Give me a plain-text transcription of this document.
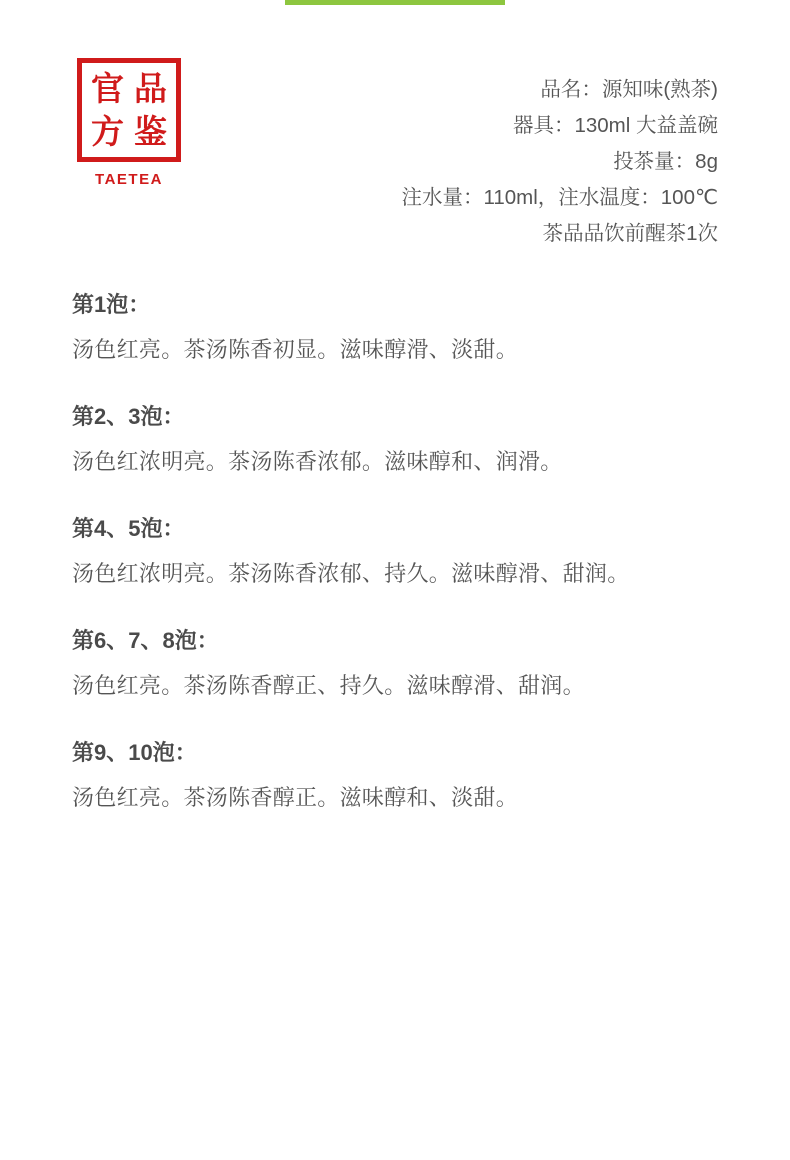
品
官
鉴
方
TAETEA
品名：源知味(熟茶)
器具：130ml 大益盖碗
投茶量：8g
注水量：110ml，注水温度：100℃
茶品品饮前醒茶1次
第1泡：
汤色红亮。茶汤陈香初显。滋味醇滑、淡甜。
第2、3泡：
汤色红浓明亮。茶汤陈香浓郁。滋味醇和、润滑。
第4、5泡：
汤色红浓明亮。茶汤陈香浓郁、持久。滋味醇滑、甜润。
第6、7、8泡：
汤色红亮。茶汤陈香醇正、持久。滋味醇滑、甜润。
第9、10泡：
汤色红亮。茶汤陈香醇正。滋味醇和、淡甜。
